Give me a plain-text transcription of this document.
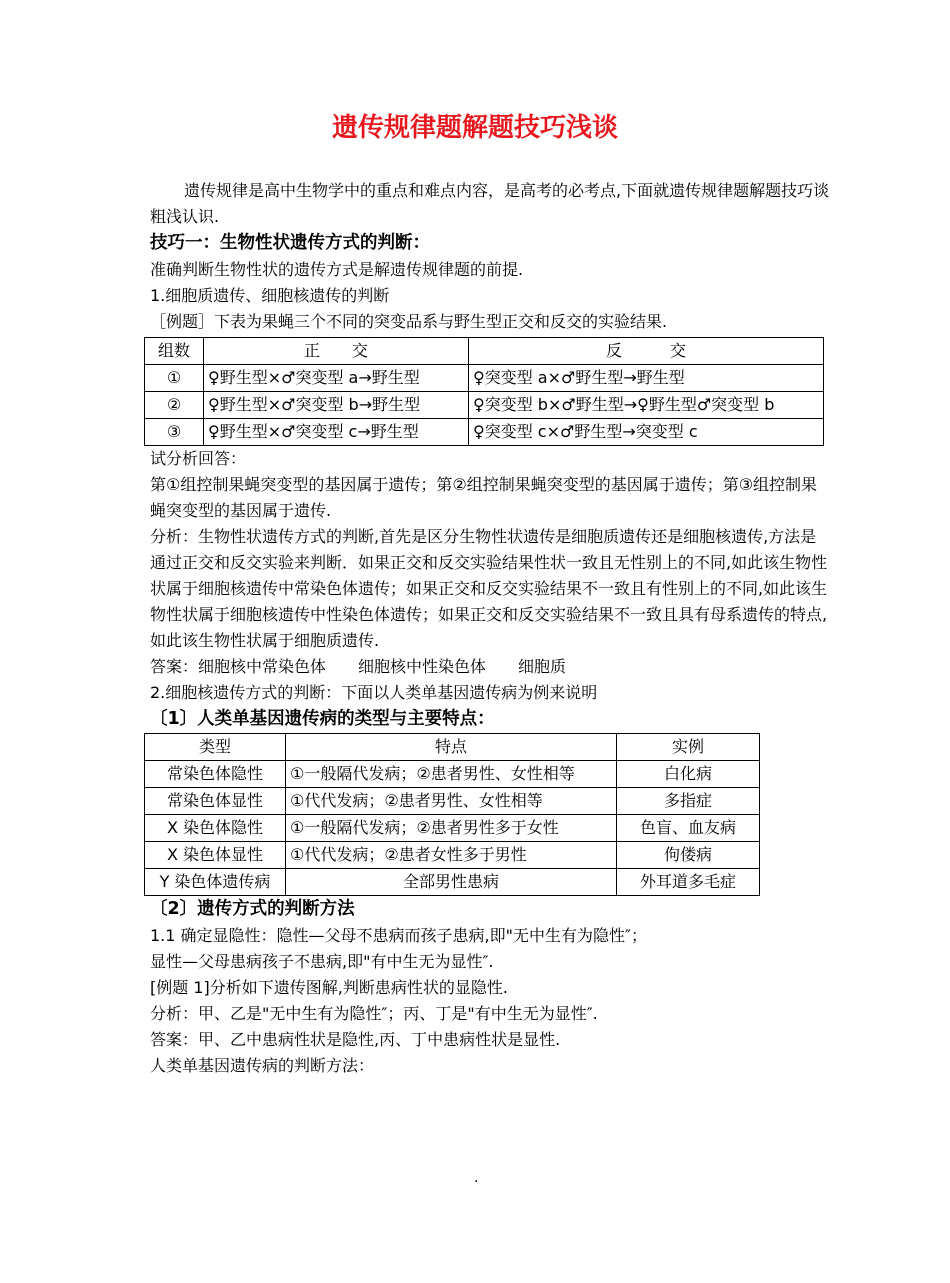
遗传规律题解题技巧浅谈

遗传规律是高中生物学中的重点和难点内容，是高考的必考点,下面就遗传规律题解题技巧谈粗浅认识.

技巧一：生物性状遗传方式的判断：

准确判断生物性状的遗传方式是解遗传规律题的前提.

1.细胞质遗传、细胞核遗传的判断

［例题］下表为果蝇三个不同的突变品系与野生型正交和反交的实验结果.

组数	正　　交	反　　　交
①	♀野生型×♂突变型 a→野生型	♀突变型 a×♂野生型→野生型
②	♀野生型×♂突变型 b→野生型	♀突变型 b×♂野生型→♀野生型♂突变型 b
③	♀野生型×♂突变型 c→野生型	♀突变型 c×♂野生型→突变型 c

试分析回答：

第①组控制果蝇突变型的基因属于遗传；第②组控制果蝇突变型的基因属于遗传；第③组控制果蝇突变型的基因属于遗传.

分析：生物性状遗传方式的判断,首先是区分生物性状遗传是细胞质遗传还是细胞核遗传,方法是通过正交和反交实验来判断．如果正交和反交实验结果性状一致且无性别上的不同,如此该生物性状属于细胞核遗传中常染色体遗传；如果正交和反交实验结果不一致且有性别上的不同,如此该生物性状属于细胞核遗传中性染色体遗传；如果正交和反交实验结果不一致且具有母系遗传的特点,如此该生物性状属于细胞质遗传.

答案：细胞核中常染色体　　细胞核中性染色体　　细胞质

2.细胞核遗传方式的判断：下面以人类单基因遗传病为例来说明

〔1〕人类单基因遗传病的类型与主要特点：

类型	特点	实例
常染色体隐性	①一般隔代发病；②患者男性、女性相等	白化病
常染色体显性	①代代发病；②患者男性、女性相等	多指症
X 染色体隐性	①一般隔代发病；②患者男性多于女性	色盲、血友病
X 染色体显性	①代代发病；②患者女性多于男性	佝偻病
Y 染色体遗传病	全部男性患病	外耳道多毛症

〔2〕遗传方式的判断方法

1.1 确定显隐性：隐性—父母不患病而孩子患病,即"无中生有为隐性″；

显性—父母患病孩子不患病,即"有中生无为显性″.

[例题 1]分析如下遗传图解,判断患病性状的显隐性.

分析：甲、乙是"无中生有为隐性″；丙、丁是"有中生无为显性″.

答案：甲、乙中患病性状是隐性,丙、丁中患病性状是显性.

人类单基因遗传病的判断方法：

.
